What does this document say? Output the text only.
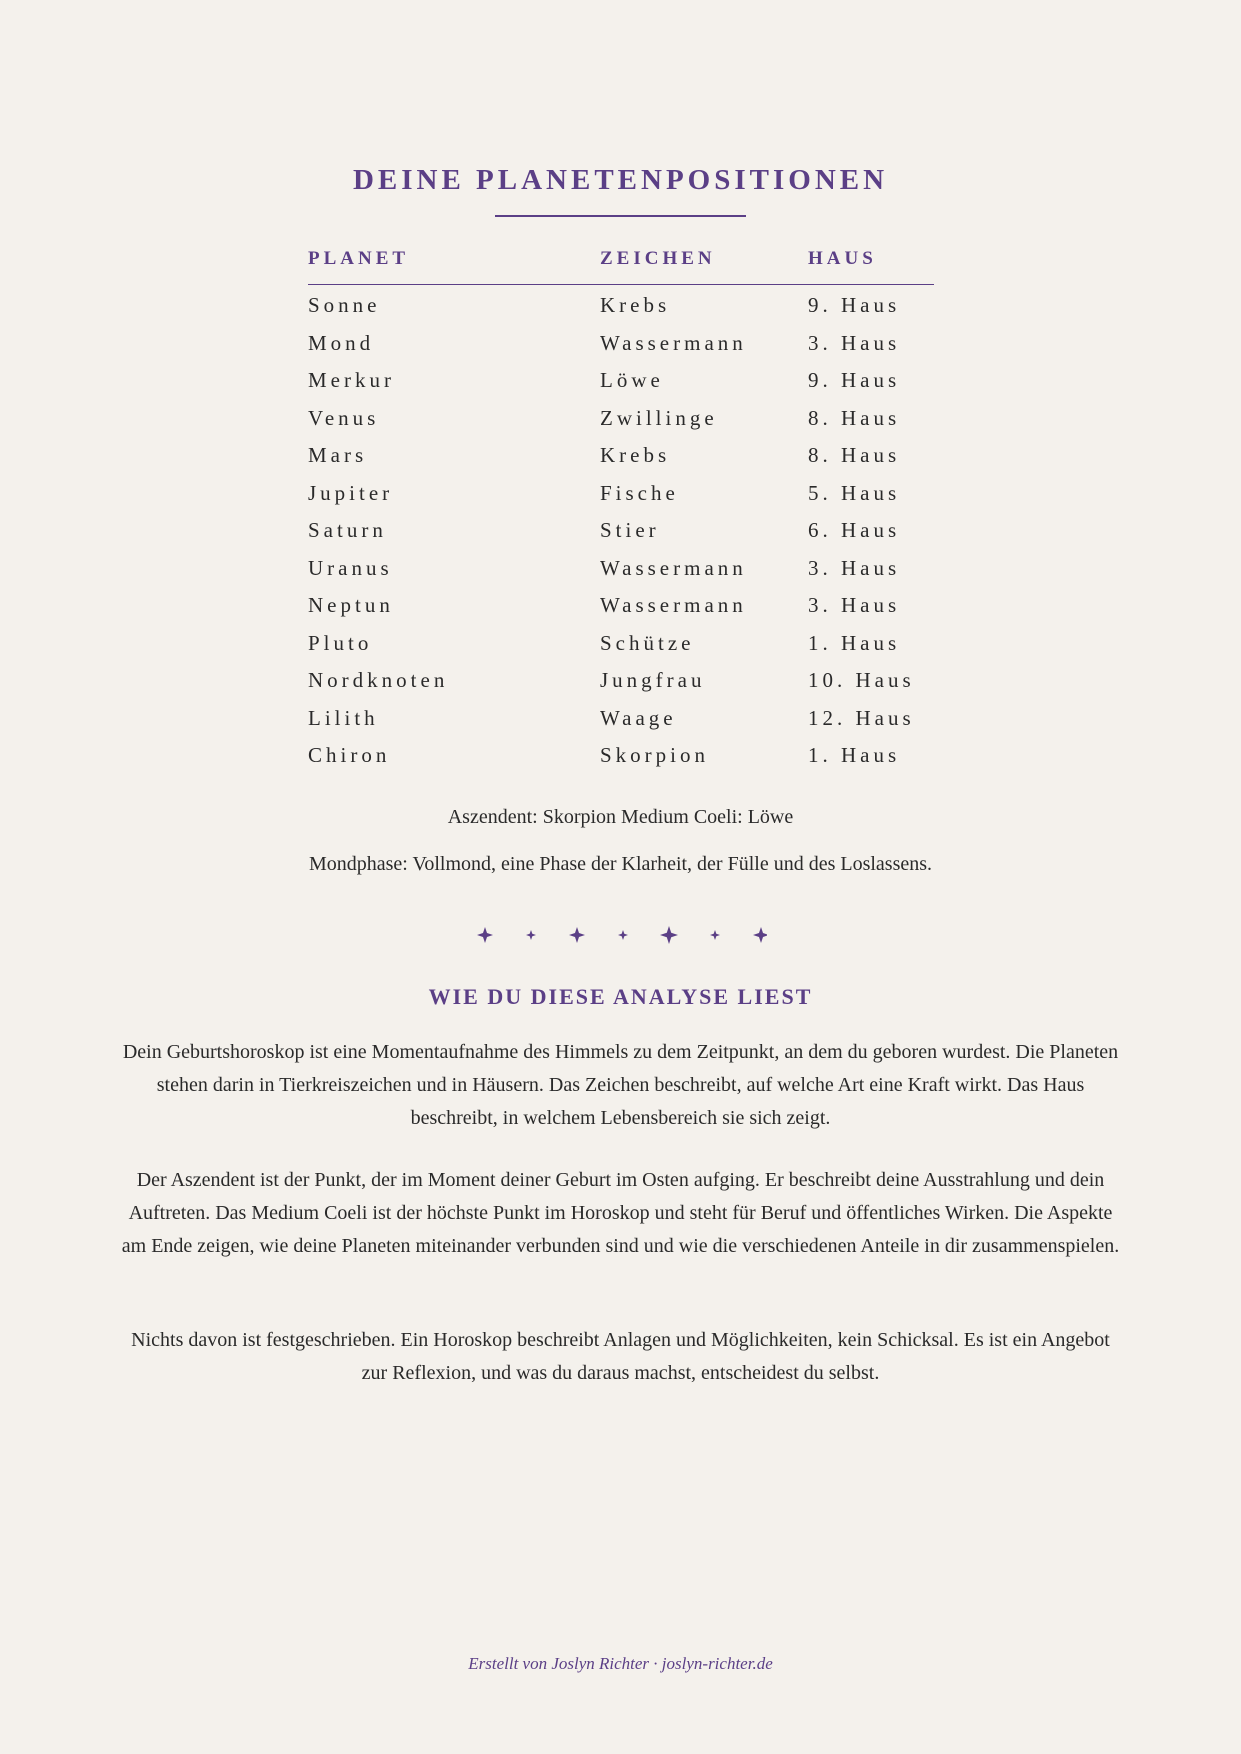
DEINE PLANETENPOSITIONEN
PLANET	ZEICHEN	HAUS
Sonne	Krebs	9. Haus
Mond	Wassermann	3. Haus
Merkur	Löwe	9. Haus
Venus	Zwillinge	8. Haus
Mars	Krebs	8. Haus
Jupiter	Fische	5. Haus
Saturn	Stier	6. Haus
Uranus	Wassermann	3. Haus
Neptun	Wassermann	3. Haus
Pluto	Schütze	1. Haus
Nordknoten	Jungfrau	10. Haus
Lilith	Waage	12. Haus
Chiron	Skorpion	1. Haus
Aszendent: Skorpion Medium Coeli: Löwe
Mondphase: Vollmond, eine Phase der Klarheit, der Fülle und des Loslassens.
WIE DU DIESE ANALYSE LIEST

Dein Geburtshoroskop ist eine Momentaufnahme des Himmels zu dem Zeitpunkt, an dem du geboren wurdest. Die Planeten stehen darin in Tierkreiszeichen und in Häusern. Das Zeichen beschreibt, auf welche Art eine Kraft wirkt. Das Haus beschreibt, in welchem Lebensbereich sie sich zeigt.

Der Aszendent ist der Punkt, der im Moment deiner Geburt im Osten aufging. Er beschreibt deine Ausstrahlung und dein Auftreten. Das Medium Coeli ist der höchste Punkt im Horoskop und steht für Beruf und öffentliches Wirken. Die Aspekte am Ende zeigen, wie deine Planeten miteinander verbunden sind und wie die verschiedenen Anteile in dir zusammenspielen.

Nichts davon ist festgeschrieben. Ein Horoskop beschreibt Anlagen und Möglichkeiten, kein Schicksal. Es ist ein Angebot zur Reflexion, und was du daraus machst, entscheidest du selbst.

Erstellt von Joslyn Richter · joslyn-richter.de
